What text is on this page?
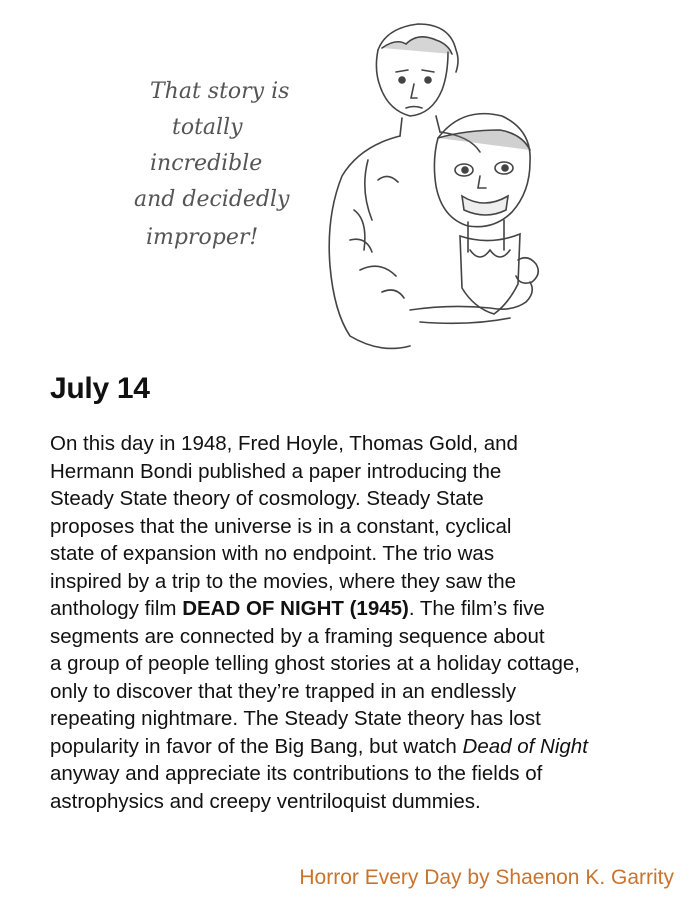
That story is
totally
incredible
and decidedly
improper!
July 14

On this day in 1948, Fred Hoyle, Thomas Gold, and
Hermann Bondi published a paper introducing the
Steady State theory of cosmology. Steady State
proposes that the universe is in a constant, cyclical
state of expansion with no endpoint. The trio was
inspired by a trip to the movies, where they saw the
anthology film DEAD OF NIGHT (1945). The film’s five
segments are connected by a framing sequence about
a group of people telling ghost stories at a holiday cottage,
only to discover that they’re trapped in an endlessly
repeating nightmare. The Steady State theory has lost
popularity in favor of the Big Bang, but watch Dead of Night
anyway and appreciate its contributions to the fields of
astrophysics and creepy ventriloquist dummies.

Horror Every Day by Shaenon K. Garrity
